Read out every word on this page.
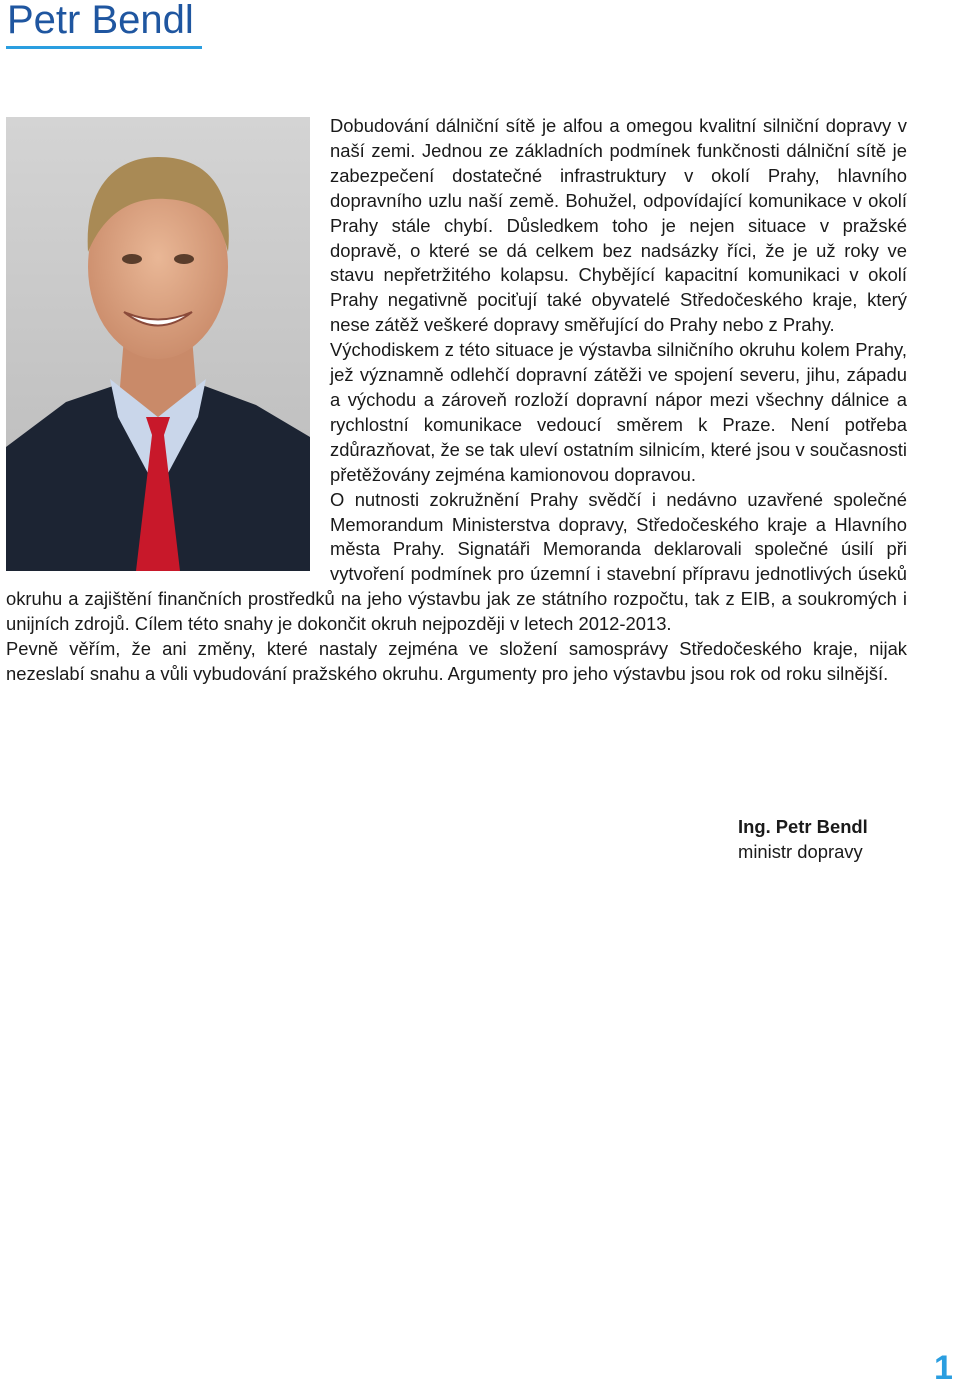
Petr Bendl

Dobudování dálniční sítě je alfou a omegou kvalitní silniční dopravy v naší zemi. Jednou ze základních podmínek funkčnosti dálniční sítě je zabezpečení dostatečné infrastruktury v okolí Prahy, hlavního dopravního uzlu naší země. Bohužel, odpovídající komunikace v okolí Prahy stále chybí. Důsledkem toho je nejen situace v pražské dopravě, o které se dá celkem bez nadsázky říci, že je už roky ve stavu nepřetržitého kolapsu. Chybějící kapacitní komunikaci v okolí Prahy negativně pociťují také obyvatelé Středočeského kraje, který nese zátěž veškeré dopravy směřující do Prahy nebo z Prahy.

Východiskem z této situace je výstavba silničního okruhu kolem Prahy, jež významně odlehčí dopravní zátěži ve spojení severu, jihu, západu a východu a zároveň rozloží dopravní nápor mezi všechny dálnice a rychlostní komunikace vedoucí směrem k Praze. Není potřeba zdůrazňovat, že se tak uleví ostatním silnicím, které jsou v současnosti přetěžovány zejména kamionovou dopravou.

O nutnosti zokružnění Prahy svědčí i nedávno uzavřené společné Memorandum Ministerstva dopravy, Středočeského kraje a Hlavního města Prahy. Signatáři Memoranda deklarovali společné úsilí při vytvoření podmínek pro územní i stavební přípravu jednotlivých úseků okruhu a zajištění finančních prostředků na jeho výstavbu jak ze státního rozpočtu, tak z EIB, a soukromých i unijních zdrojů. Cílem této snahy je dokončit okruh nejpozději v letech 2012-2013.

Pevně věřím, že ani změny, které nastaly zejména ve složení samosprávy Středočeského kraje, nijak nezeslabí snahu a vůli vybudování pražského okruhu. Argumenty pro jeho výstavbu jsou rok od roku silnější.

Ing. Petr Bendl
ministr dopravy
1
